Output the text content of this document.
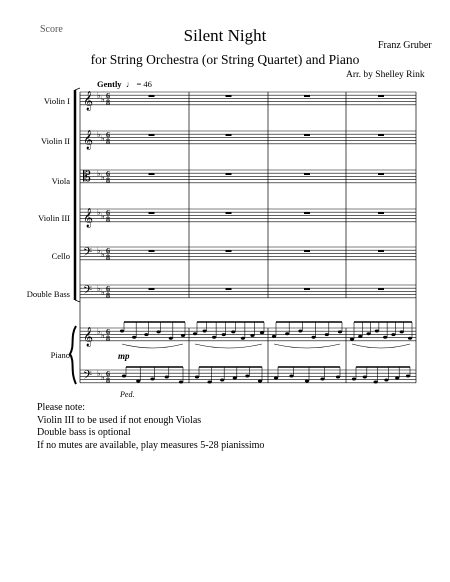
Score	Silent Night
for String Orchestra (or String Quartet) and Piano
Franz Gruber
Arr. by Shelley Rink
Gently ♩ = 46
Violin I
Violin II
Viola
Violin III
Cello
Double Bass
Piano
𝄞 ♭ ♭ 6
8
𝄞 ♭ ♭ 6
8
𝄡 ♭ ♭ 6
8
𝄞 ♭ ♭ 6
8
𝄢 ♭ ♭ 6
8
𝄢 ♭ ♭ 6
8
𝄞 ♭ ♭ 6
8
𝄢 ♭ ♭ 6
8
mp
Ped.
Please note:
Violin III to be used if not enough Violas
Double bass is optional
If no mutes are available, play measures 5-28 pianissimo
